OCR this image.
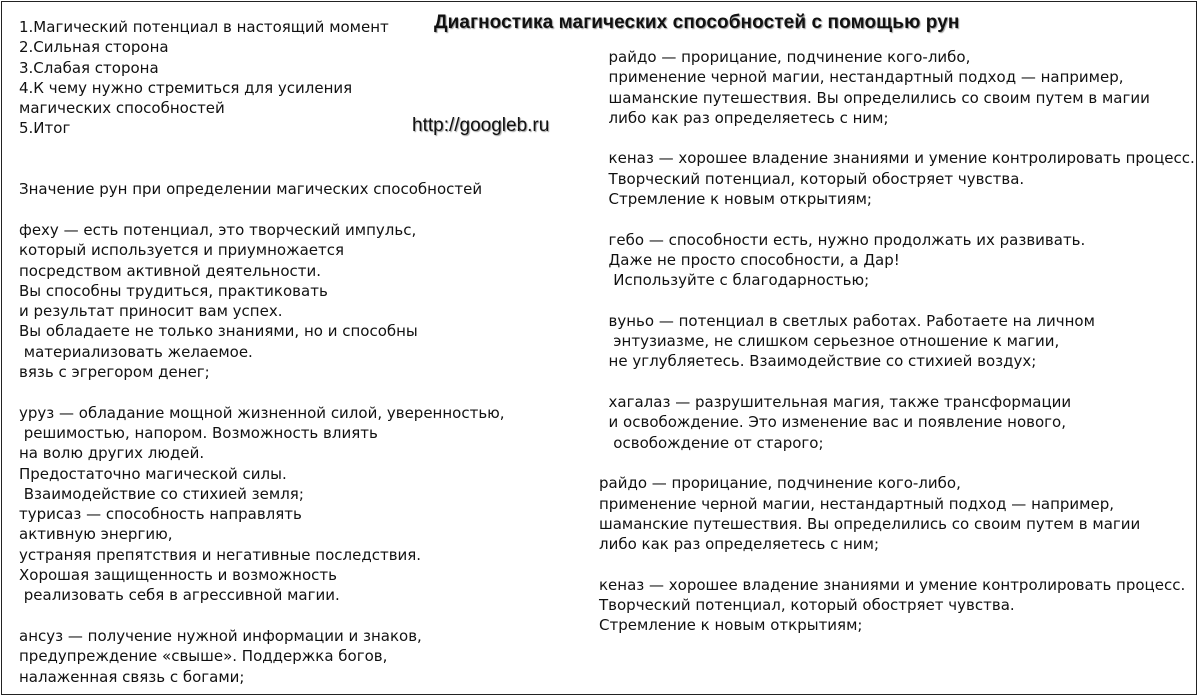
Диагностика магических способностей с помощью рун
http://googleb.ru
1.Магический потенциал в настоящий момент
2.Сильная сторона
3.Слабая сторона
4.К чему нужно стремиться для усиления
магических способностей
5.Итог
Значение рун при определении магических способностей
феху — есть потенциал, это творческий импульс,
который используется и приумножается
посредством активной деятельности.
Вы способны трудиться, практиковать
и результат приносит вам успех.
Вы обладаете не только знаниями, но и способны
материализовать желаемое.
вязь с эгрегором денег;
уруз — обладание мощной жизненной силой, уверенностью,
решимостью, напором. Возможность влиять
на волю других людей.
Предостаточно магической силы.
Взаимодействие со стихией земля;
турисаз — способность направлять
активную энергию,
устраняя препятствия и негативные последствия.
Хорошая защищенность и возможность
реализовать себя в агрессивной магии.
ансуз — получение нужной информации и знаков,
предупреждение «свыше». Поддержка богов,
налаженная связь с богами;
райдо — прорицание, подчинение кого-либо,
применение черной магии, нестандартный подход — например,
шаманские путешествия. Вы определились со своим путем в магии
либо как раз определяетесь с ним;
кеназ — хорошее владение знаниями и умение контролировать процесс.
Творческий потенциал, который обостряет чувства.
Стремление к новым открытиям;
гебо — способности есть, нужно продолжать их развивать.
Даже не просто способности, а Дар!
Используйте с благодарностью;
вуньо — потенциал в светлых работах. Работаете на личном
энтузиазме, не слишком серьезное отношение к магии,
не углубляетесь. Взаимодействие со стихией воздух;
хагалаз — разрушительная магия, также трансформации
и освобождение. Это изменение вас и появление нового,
освобождение от старого;
райдо — прорицание, подчинение кого-либо,
применение черной магии, нестандартный подход — например,
шаманские путешествия. Вы определились со своим путем в магии
либо как раз определяетесь с ним;
кеназ — хорошее владение знаниями и умение контролировать процесс.
Творческий потенциал, который обостряет чувства.
Стремление к новым открытиям;
